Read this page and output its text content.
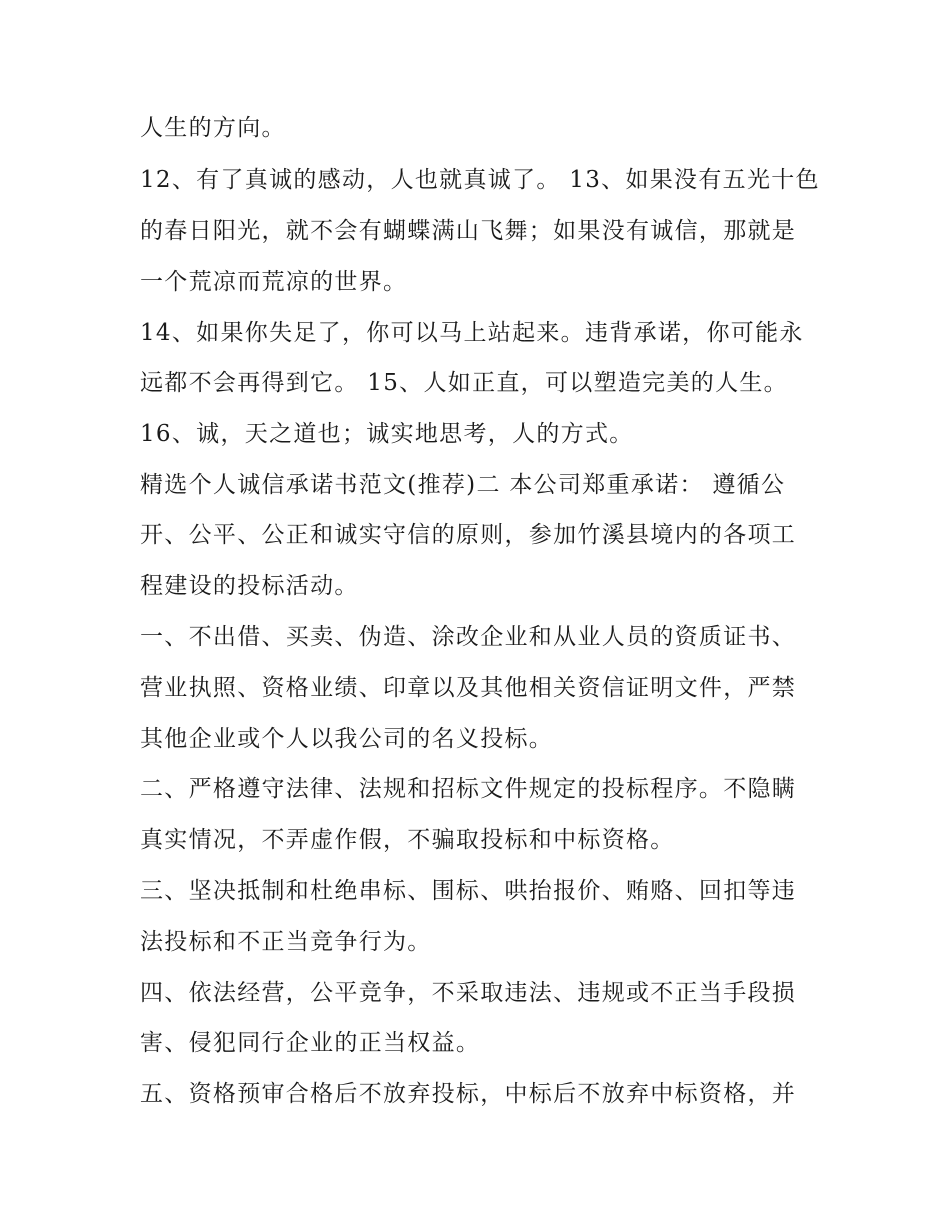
人生的方向。
12、有了真诚的感动，人也就真诚了。 13、如果没有五光十色
的春日阳光，就不会有蝴蝶满山飞舞；如果没有诚信，那就是
一个荒凉而荒凉的世界。
14、如果你失足了，你可以马上站起来。违背承诺，你可能永
远都不会再得到它。 15、人如正直，可以塑造完美的人生。
16、诚，天之道也；诚实地思考，人的方式。
精选个人诚信承诺书范文(推荐)二 本公司郑重承诺： 遵循公
开、公平、公正和诚实守信的原则，参加竹溪县境内的各项工
程建设的投标活动。
一、不出借、买卖、伪造、涂改企业和从业人员的资质证书、
营业执照、资格业绩、印章以及其他相关资信证明文件，严禁
其他企业或个人以我公司的名义投标。
二、严格遵守法律、法规和招标文件规定的投标程序。不隐瞒
真实情况，不弄虚作假，不骗取投标和中标资格。
三、坚决抵制和杜绝串标、围标、哄抬报价、贿赂、回扣等违
法投标和不正当竞争行为。
四、依法经营，公平竞争，不采取违法、违规或不正当手段损
害、侵犯同行企业的正当权益。
五、资格预审合格后不放弃投标，中标后不放弃中标资格，并
